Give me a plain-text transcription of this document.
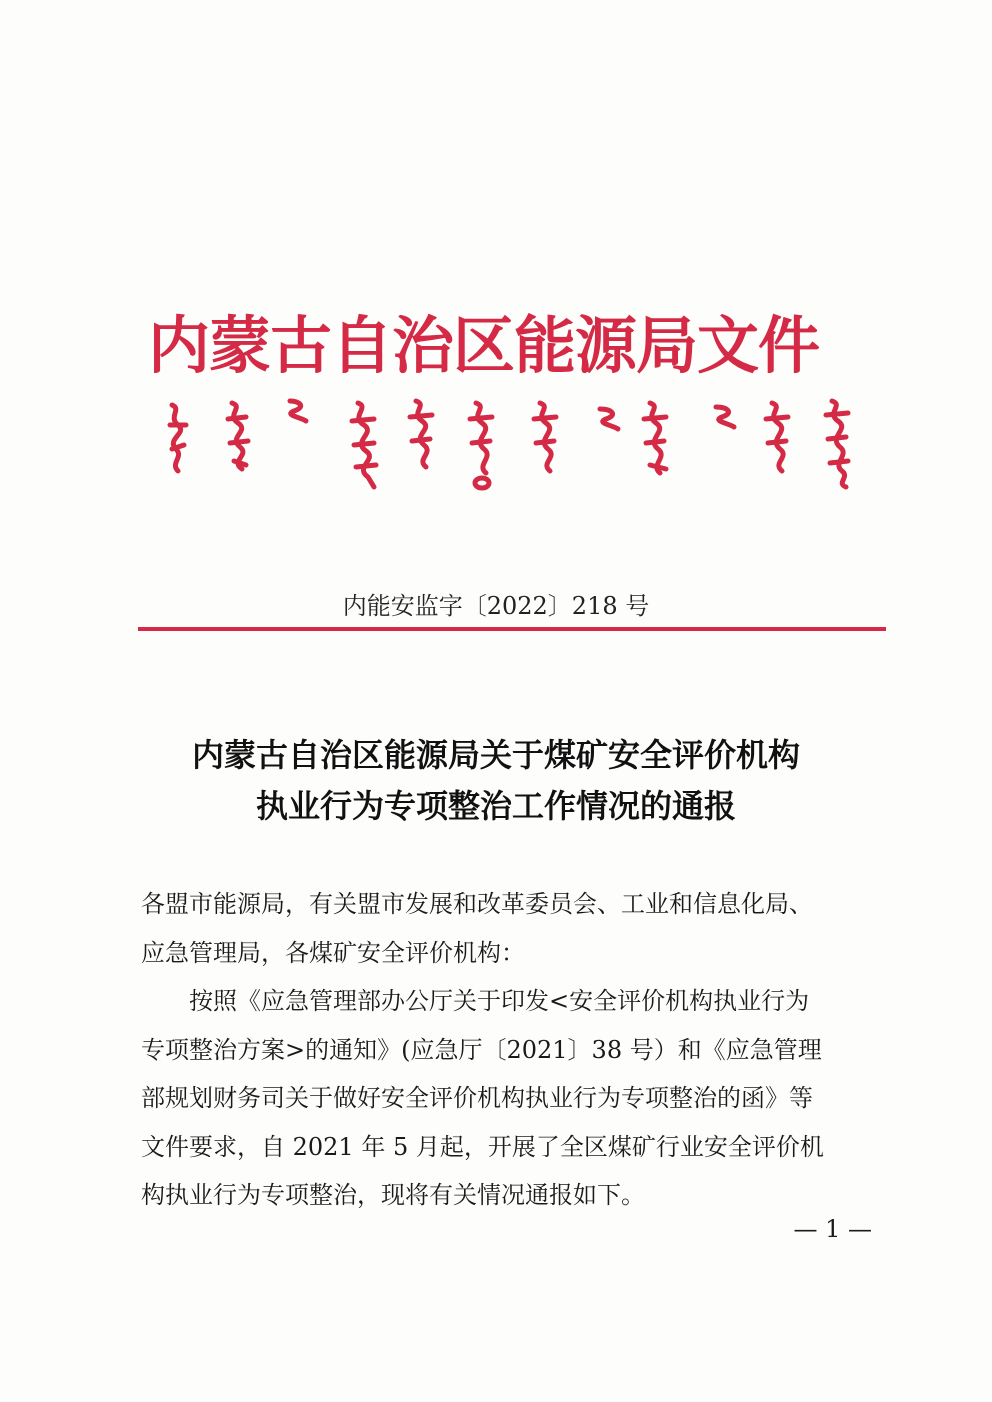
内蒙古自治区能源局文件
内能安监字〔2022〕218 号
内蒙古自治区能源局关于煤矿安全评价机构
执业行为专项整治工作情况的通报
各盟市能源局，有关盟市发展和改革委员会、工业和信息化局、
应急管理局，各煤矿安全评价机构：
按照《应急管理部办公厅关于印发<安全评价机构执业行为
专项整治方案>的通知》(应急厅〔2021〕38 号）和《应急管理
部规划财务司关于做好安全评价机构执业行为专项整治的函》等
文件要求，自 2021 年 5 月起，开展了全区煤矿行业安全评价机
构执业行为专项整治，现将有关情况通报如下。
— 1 —
